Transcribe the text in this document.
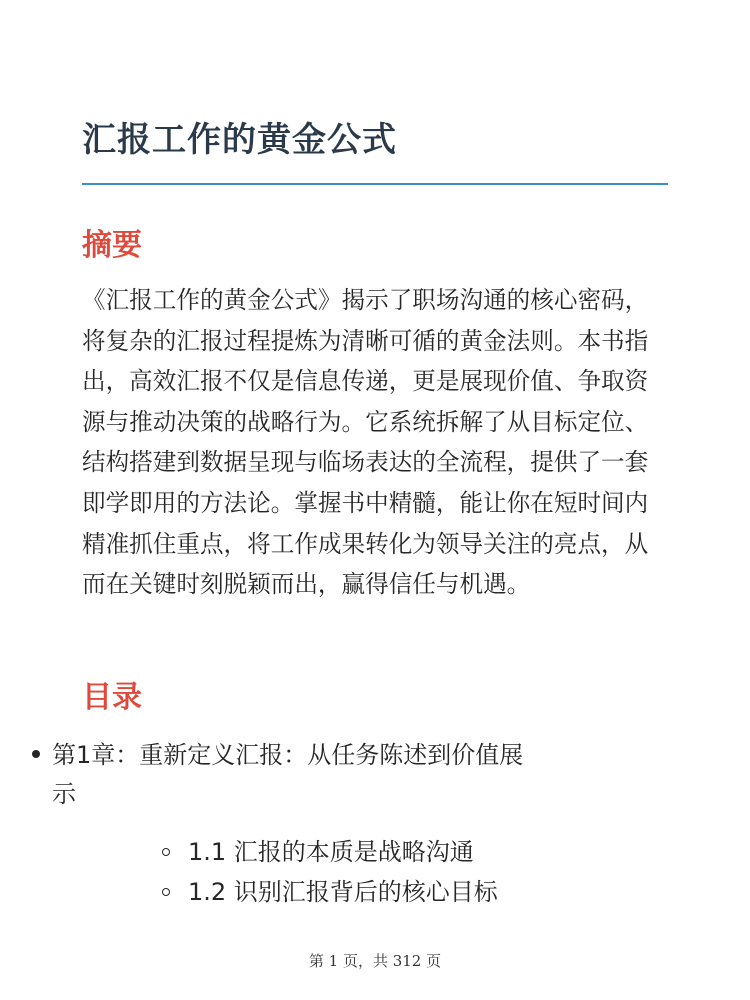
汇报工作的黄金公式
摘要

《汇报工作的黄金公式》揭示了职场沟通的核心密码，将复杂的汇报过程提炼为清晰可循的黄金法则。本书指出，高效汇报不仅是信息传递，更是展现价值、争取资源与推动决策的战略行为。它系统拆解了从目标定位、结构搭建到数据呈现与临场表达的全流程，提供了一套即学即用的方法论。掌握书中精髓，能让你在短时间内精准抓住重点，将工作成果转化为领导关注的亮点，从而在关键时刻脱颖而出，赢得信任与机遇。

目录
第1章：重新定义汇报：从任务陈述到价值展
示
1.1 汇报的本质是战略沟通
1.2 识别汇报背后的核心目标
第 1 页，共 312 页
